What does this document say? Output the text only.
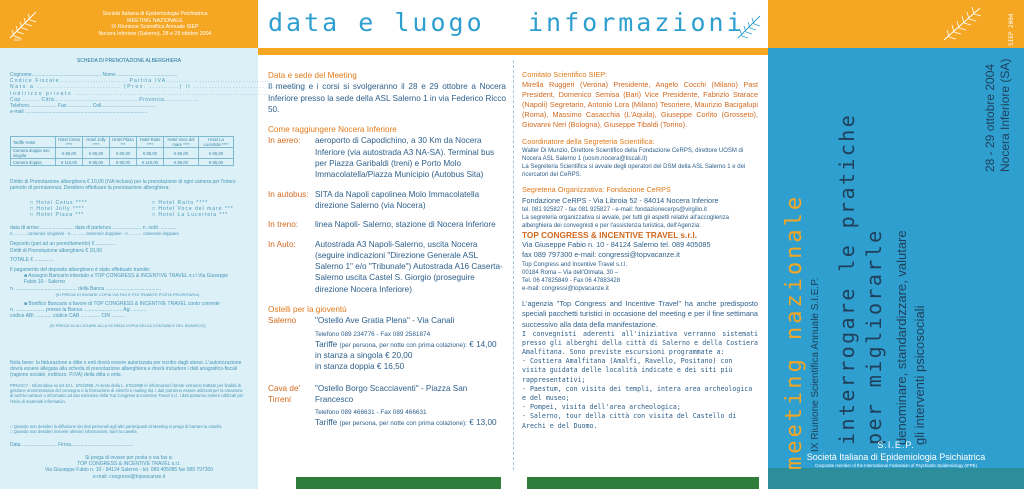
Società Italiana di Epidemiologia Psichiatrica
MEETING NAZIONALE
IX Riunione Scientifica Annuale SIEP
Nocera Inferiore (Salerno), 28 e 29 ottobre 2004
SIEP
SCHEDA DI PRENOTAZIONE ALBERGHIERA
Cognome.................................................. Nome ...........................................
Codice Fiscale.......................... Partita IVA.........................................
Nato a ............................ (Prov. ..........) il ...................................
Indirizzo privato ...........................................................................
Cap.......... Città............................................ Provincia..................
Telefono.................... Fax.................. Cell.......................................
e-mail ........................................................................................
Tariffe Hotel	Hotel Cetus ****	Hotel Jolly ****	Hotel Plaza ***	Hotel Raito ****	Hotel Voce del mare ****	Hotel La Lucertola ****
Camera doppia uso singola	€ 85,00	€ 65,00	€ 60,00	€ 85,00	€ 65,00	€ 65,00
Camera doppia	€ 110,00	€ 85,00	€ 80,00	€ 110,00	€ 85,00	€ 85,00
Diritto di Prenotazione alberghiera € 10,00 (IVA inclusa) per la prenotazione di ogni camera per l'intero periodo di permanenza. Desidero effettuare la prenotazione alberghiera:
□ Hotel Cetus ****
□ Hotel Jolly ****
□ Hotel Plaza ***
□ Hotel Raito ****
□ Hotel Voce del mare ***
□ Hotel La Lucertola ***
data di arrivo ........................ data di partenza ..................... n. notti ............
n. .......... camera/e singola/e - n. .......... camera/e doppia/e - n. .......... camera/e doppia/e
Deposito (pari ad un pernottamento) € ..............
Diritti di Prenotazione alberghiera € 10,00
TOTALE € ..............
Il pagamento del deposito alberghiero è stato effettuato tramite:
■ Assegno Bancario intestato a TOP CONGRESS & INCENTIVE TRAVEL s.r.l Via Giuseppe Fabio 10 - Salerno
n. ............................................ della Banca ........................................
(SI PREGA DI INVIARE COPIA VIA FAX E POI TRAMITE POSTA PRIORITARIA)
■ Bonifico Bancario a favore di TOP CONGRESS & INCENTIVE TRAVEL conto corrente
n. ..................... presso la Banca ............................ Ag. ..........
codice ABI ............ codice CAB .............. CIN ..........
(SI PREGA DI ALLEGARE ALLA SCHEDA COPIA DELLA CONTABILE DEL BONIFICO)
Nota bene: la fatturazione a ditte o enti dovrà essere autorizzata per iscritto dagli stessi. L'autorizzazione dovrà essere allegata alla scheda di prenotazione alberghiera e dovrà includere i dati anagrafico-fiscali (ragione sociale, indirizzo, P.IVA) della ditta o ente.
PRIVACY - Informativa ex art.10 L. 675/1996. Ai sensi della L. 675/1996 le informazioni fornite verranno trattate per finalità di gestione amministrativa del convegno e la formazione di elenchi e mailing list. I dati potranno essere utilizzati per la creazione di archivi cartacei o informatici ad uso esclusivo della Top Congress & Incentive Travel s.r.l. I dati potranno essere utilizzati per l'invio di materiale informativo.
□ Quando non desideri la diffusione dei dati personali agli altri partecipanti al Meeting si prega di barrare la casella
□ Quando non desideri ricevere ulteriori informazioni, barri la casella
Data ......................... Firma.............................................
Si prega di inviare per posta o via fax a:
TOP CONGRESS & INCENTIVE TRAVEL s.r.l.
Via Giuseppe Fabio n. 10 - 84124 Salerno - tel. 089 405085 fax 089 797300
e-mail: congressi@topvacanze.it
data e luogo informazioni
Data e sede del Meeting
Il meeting e i corsi si svolgeranno il 28 e 29 ottobre a Nocera Inferiore presso la sede della ASL Salerno 1 in via Federico Ricco 50.
Come raggiungere Nocera Inferiore
In aereo:	aeroporto di Capodichino, a 30 Km da Nocera Inferiore (via autostrada A3 NA-SA). Terminal bus per Piazza Garibaldi (treni) e Porto Molo Immacolatella/Piazza Municipio (Autobus Sita)
In autobus: SITA da Napoli capolinea Molo Immacolatella direzione Salerno (via Nocera)
In treno:	linea Napoli- Salerno, stazione di Nocera Inferiore
In Auto:	Autostrada A3 Napoli-Salerno, uscita Nocera (seguire indicazioni "Direzione Generale ASL Salerno 1" e/o "Tribunale") Autostrada A16 Caserta-Salerno uscita Castel S. Giorgio (proseguire direzione Nocera Inferiore)
Ostelli per la gioventù
Salerno	"Ostello Ave Gratia Plena" - Via Canali
Telefono 089 234776 - Fax 089 2581874
Tariffe (per persona, per notte con prima colazione): € 14,00
in stanza a singola € 20,00
in stanza doppia € 16,50
Cava de' Tirreni
"Ostello Borgo Scacciaventi" - Piazza San Francesco
Telefono 089 466631 - Fax 089 466631
Tariffe (per persona, per notte con prima colazione): € 13,00
Comitato Scientifico SIEP:
Mirella Ruggeri (Verona) Presidente, Angelo Cocchi (Milano) Past President, Domenico Semisa (Bari) Vice Presidente, Fabrizio Starace (Napoli) Segretario, Antonio Lora (Milano) Tesoriere, Maurizio Bacigalupi (Roma), Massimo Casacchia (L'Aquila), Giuseppe Corlito (Grosseto), Giovanni Neri (Bologna), Giuseppe Tibaldi (Torino).
Coordinatore della Segreteria Scientifica:
Walter Di Munzio, Direttore Scientifico della Fondazione CeRPS, direttore UOSM di Nocera ASL Salerno 1 (uosm.nocera@tiscali.it)
La Segreteria Scientifica si avvale degli operatori del DSM della ASL Salerno 1 e dei ricercatori del CeRPS.
Segreteria Organizzativa: Fondazione CeRPS
Fondazione CeRPS - Via Libroia 52 - 84014 Nocera Inferiore
tel. 081 925827 - fax 081 925827 - e-mail: fondazionecerps@virgilio.it
La segreteria organizzativa si avvale, per tutti gli aspetti relativi all'accoglienza alberghiera dei convegnisti e per l'assistenza turistica, dell'Agenzia:
TOP CONGRESS & INCENTIVE TRAVEL s.r.l.
Via Giuseppe Fabio n. 10 - 84124 Salerno tel. 089 405085
fax 089 797300 e-mail: congressi@topvacanze.it
Top Congress and Incentive Travel s.r.l.
00184 Roma – Via dell'Olmata, 30 –
Tel. 06 47825849 - Fax 06 47883428
e-mail: congressi@topvacanze.it
L'agenzia "Top Congress and Incentive Travel" ha anche predisposto speciali pacchetti turistici in occasione del meeting e per il fine settimana successivo alla data della manifestazione.
I convegnisti aderenti all'iniziativa verranno sistemati presso gli alberghi della città di Salerno e della Costiera Amalfitana. Sono previste escursioni programmate a:
- Costiera Amalfitana (Amalfi, Ravello, Positano) con visita guidata delle località indicate e dei siti più rappresentativi;
- Paestum, con visita dei templi, intera area archeologica e del museo;
- Pompei, visita dell'area archeologica;
- Salerno, tour della città con visita del Castello di Arechi e del Duomo.
SIEP 2004
meeting nazionale IX Riunione Scientifica Annuale S.I.E.P. interrogare le pratiche per migliorarle denominare, standardizzare, valutare gli interventi psicosociali
28 - 29 ottobre 2004 Nocera Inferiore (SA)
S.I.E.P.
Società Italiana di Epidemiologia Psichiatrica
Corporate member of the International Federation of Psychiatric Epidemiology (IFPE)
